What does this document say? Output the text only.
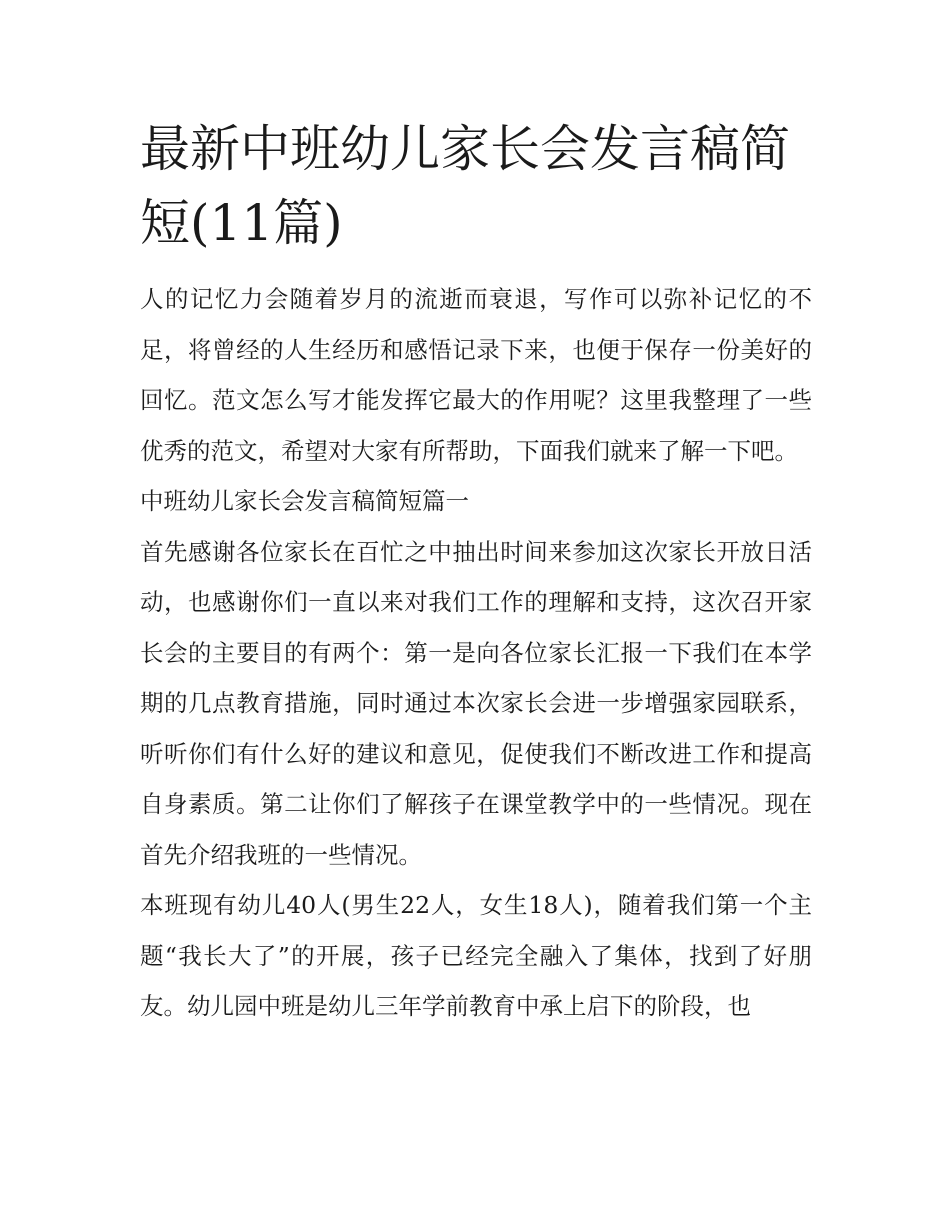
最新中班幼儿家长会发言稿简短(11篇)

人的记忆力会随着岁月的流逝而衰退，写作可以弥补记忆的不足，将曾经的人生经历和感悟记录下来，也便于保存一份美好的回忆。范文怎么写才能发挥它最大的作用呢？这里我整理了一些优秀的范文，希望对大家有所帮助，下面我们就来了解一下吧。

中班幼儿家长会发言稿简短篇一

首先感谢各位家长在百忙之中抽出时间来参加这次家长开放日活动，也感谢你们一直以来对我们工作的理解和支持，这次召开家长会的主要目的有两个：第一是向各位家长汇报一下我们在本学期的几点教育措施，同时通过本次家长会进一步增强家园联系，听听你们有什么好的建议和意见，促使我们不断改进工作和提高自身素质。第二让你们了解孩子在课堂教学中的一些情况。现在首先介绍我班的一些情况。

本班现有幼儿40人(男生22人，女生18人)，随着我们第一个主题“我长大了”的开展，孩子已经完全融入了集体，找到了好朋友。幼儿园中班是幼儿三年学前教育中承上启下的阶段，也
